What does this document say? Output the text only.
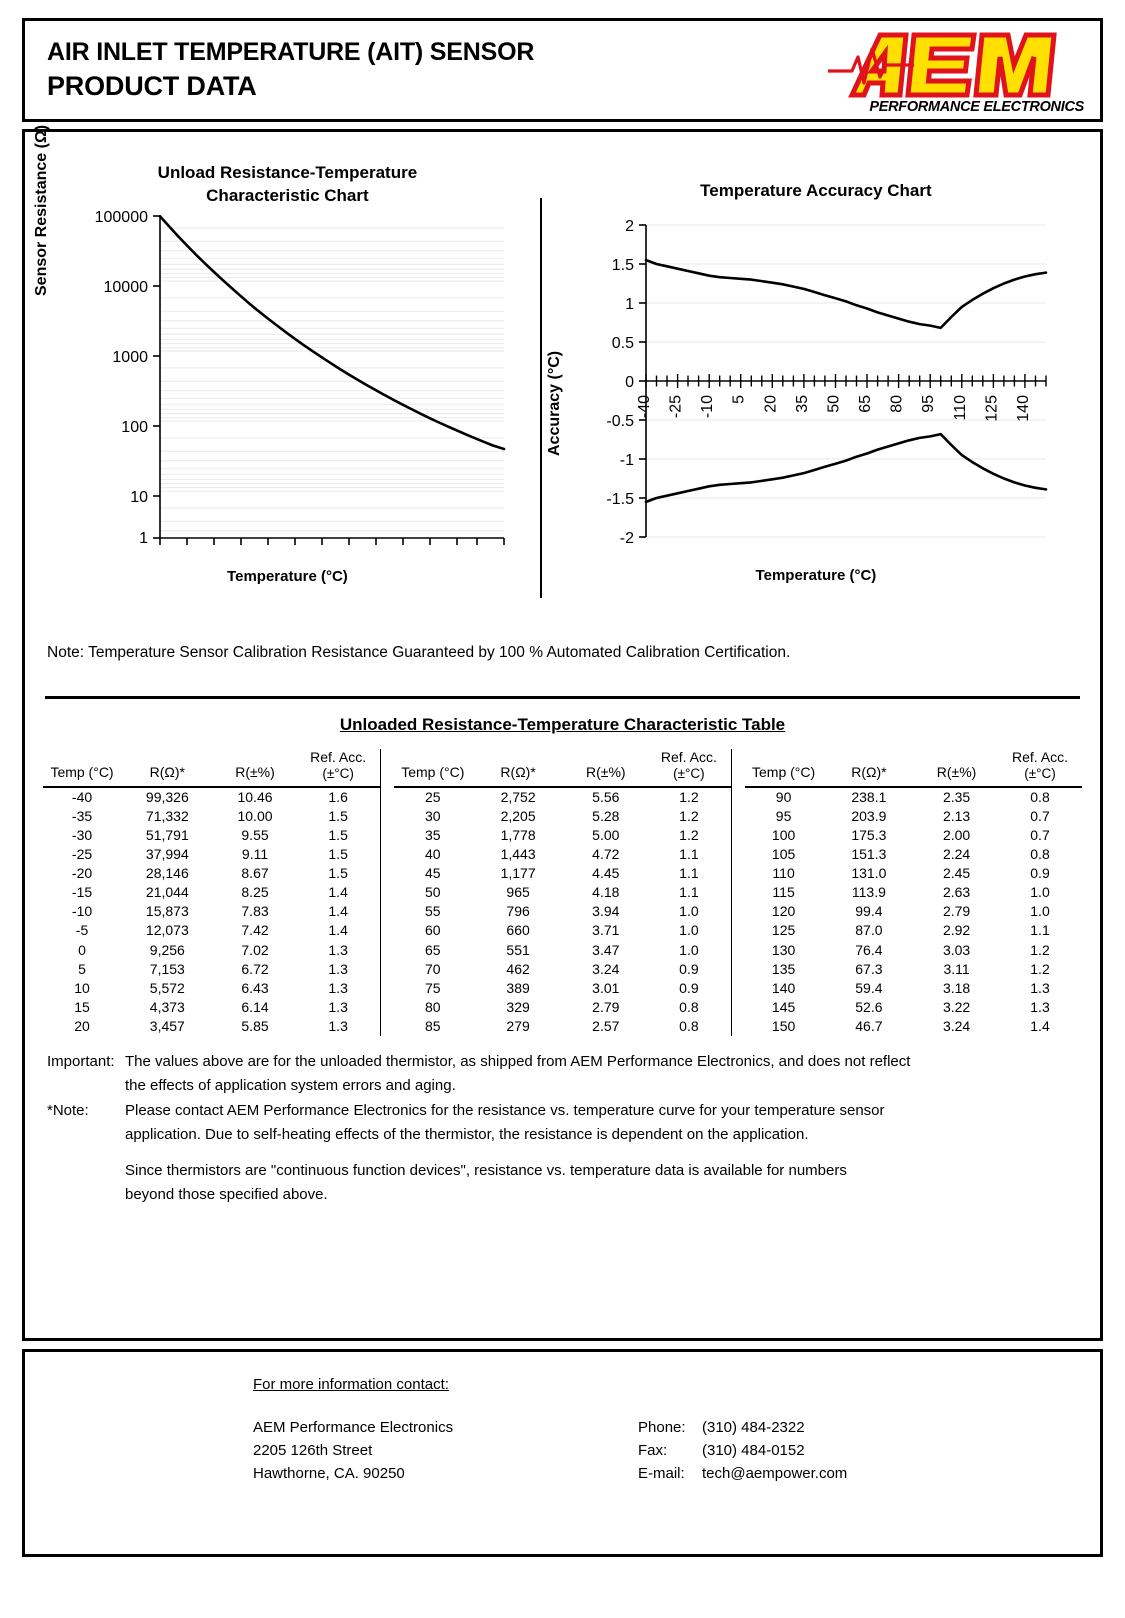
AIR INLET TEMPERATURE (AIT) SENSOR
PRODUCT DATA
PERFORMANCE ELECTRONICS
Unload Resistance-Temperature
Characteristic Chart
100000
10000
1000
100
10
1
Sensor Resistance (Ω)
Temperature (°C)
Temperature Accuracy Chart
2
1.5
1
0.5
0
-0.5
-1
-1.5
-2
-40 -25 -10 5 20 35 50 65 80 95 110 125 140
Accuracy (°C)
Temperature (°C)
Note: Temperature Sensor Calibration Resistance Guaranteed by 100 % Automated Calibration Certification.
Unloaded Resistance-Temperature Characteristic Table
Temp (°C)	R(Ω)*	R(±%)	Ref. Acc.
(±°C)		Temp (°C)	R(Ω)*	R(±%)	Ref. Acc.
(±°C)		Temp (°C)	R(Ω)*	R(±%)	Ref. Acc.
(±°C)

-40	99,326	10.46	1.6		25	2,752	5.56	1.2		90	238.1	2.35	0.8
-35	71,332	10.00	1.5		30	2,205	5.28	1.2		95	203.9	2.13	0.7
-30	51,791	9.55	1.5		35	1,778	5.00	1.2		100	175.3	2.00	0.7
-25	37,994	9.11	1.5		40	1,443	4.72	1.1		105	151.3	2.24	0.8
-20	28,146	8.67	1.5		45	1,177	4.45	1.1		110	131.0	2.45	0.9
-15	21,044	8.25	1.4		50	965	4.18	1.1		115	113.9	2.63	1.0
-10	15,873	7.83	1.4		55	796	3.94	1.0		120	99.4	2.79	1.0
-5	12,073	7.42	1.4		60	660	3.71	1.0		125	87.0	2.92	1.1
0	9,256	7.02	1.3		65	551	3.47	1.0		130	76.4	3.03	1.2
5	7,153	6.72	1.3		70	462	3.24	0.9		135	67.3	3.11	1.2
10	5,572	6.43	1.3		75	389	3.01	0.9		140	59.4	3.18	1.3
15	4,373	6.14	1.3		80	329	2.79	0.8		145	52.6	3.22	1.3
20	3,457	5.85	1.3		85	279	2.57	0.8		150	46.7	3.24	1.4
Important: The values above are for the unloaded thermistor, as shipped from AEM Performance Electronics, and does not reflect
the effects of application system errors and aging.
*Note:	Please contact AEM Performance Electronics for the resistance vs. temperature curve for your temperature sensor
application. Due to self-heating effects of the thermistor, the resistance is dependent on the application.
Since thermistors are "continuous function devices", resistance vs. temperature data is available for numbers
beyond those specified above.
For more information contact:
AEM Performance Electronics
2205 126th Street
Hawthorne, CA. 90250
Phone:	(310) 484-2322
Fax:	(310) 484-0152
E-mail:	tech@aempower.com
